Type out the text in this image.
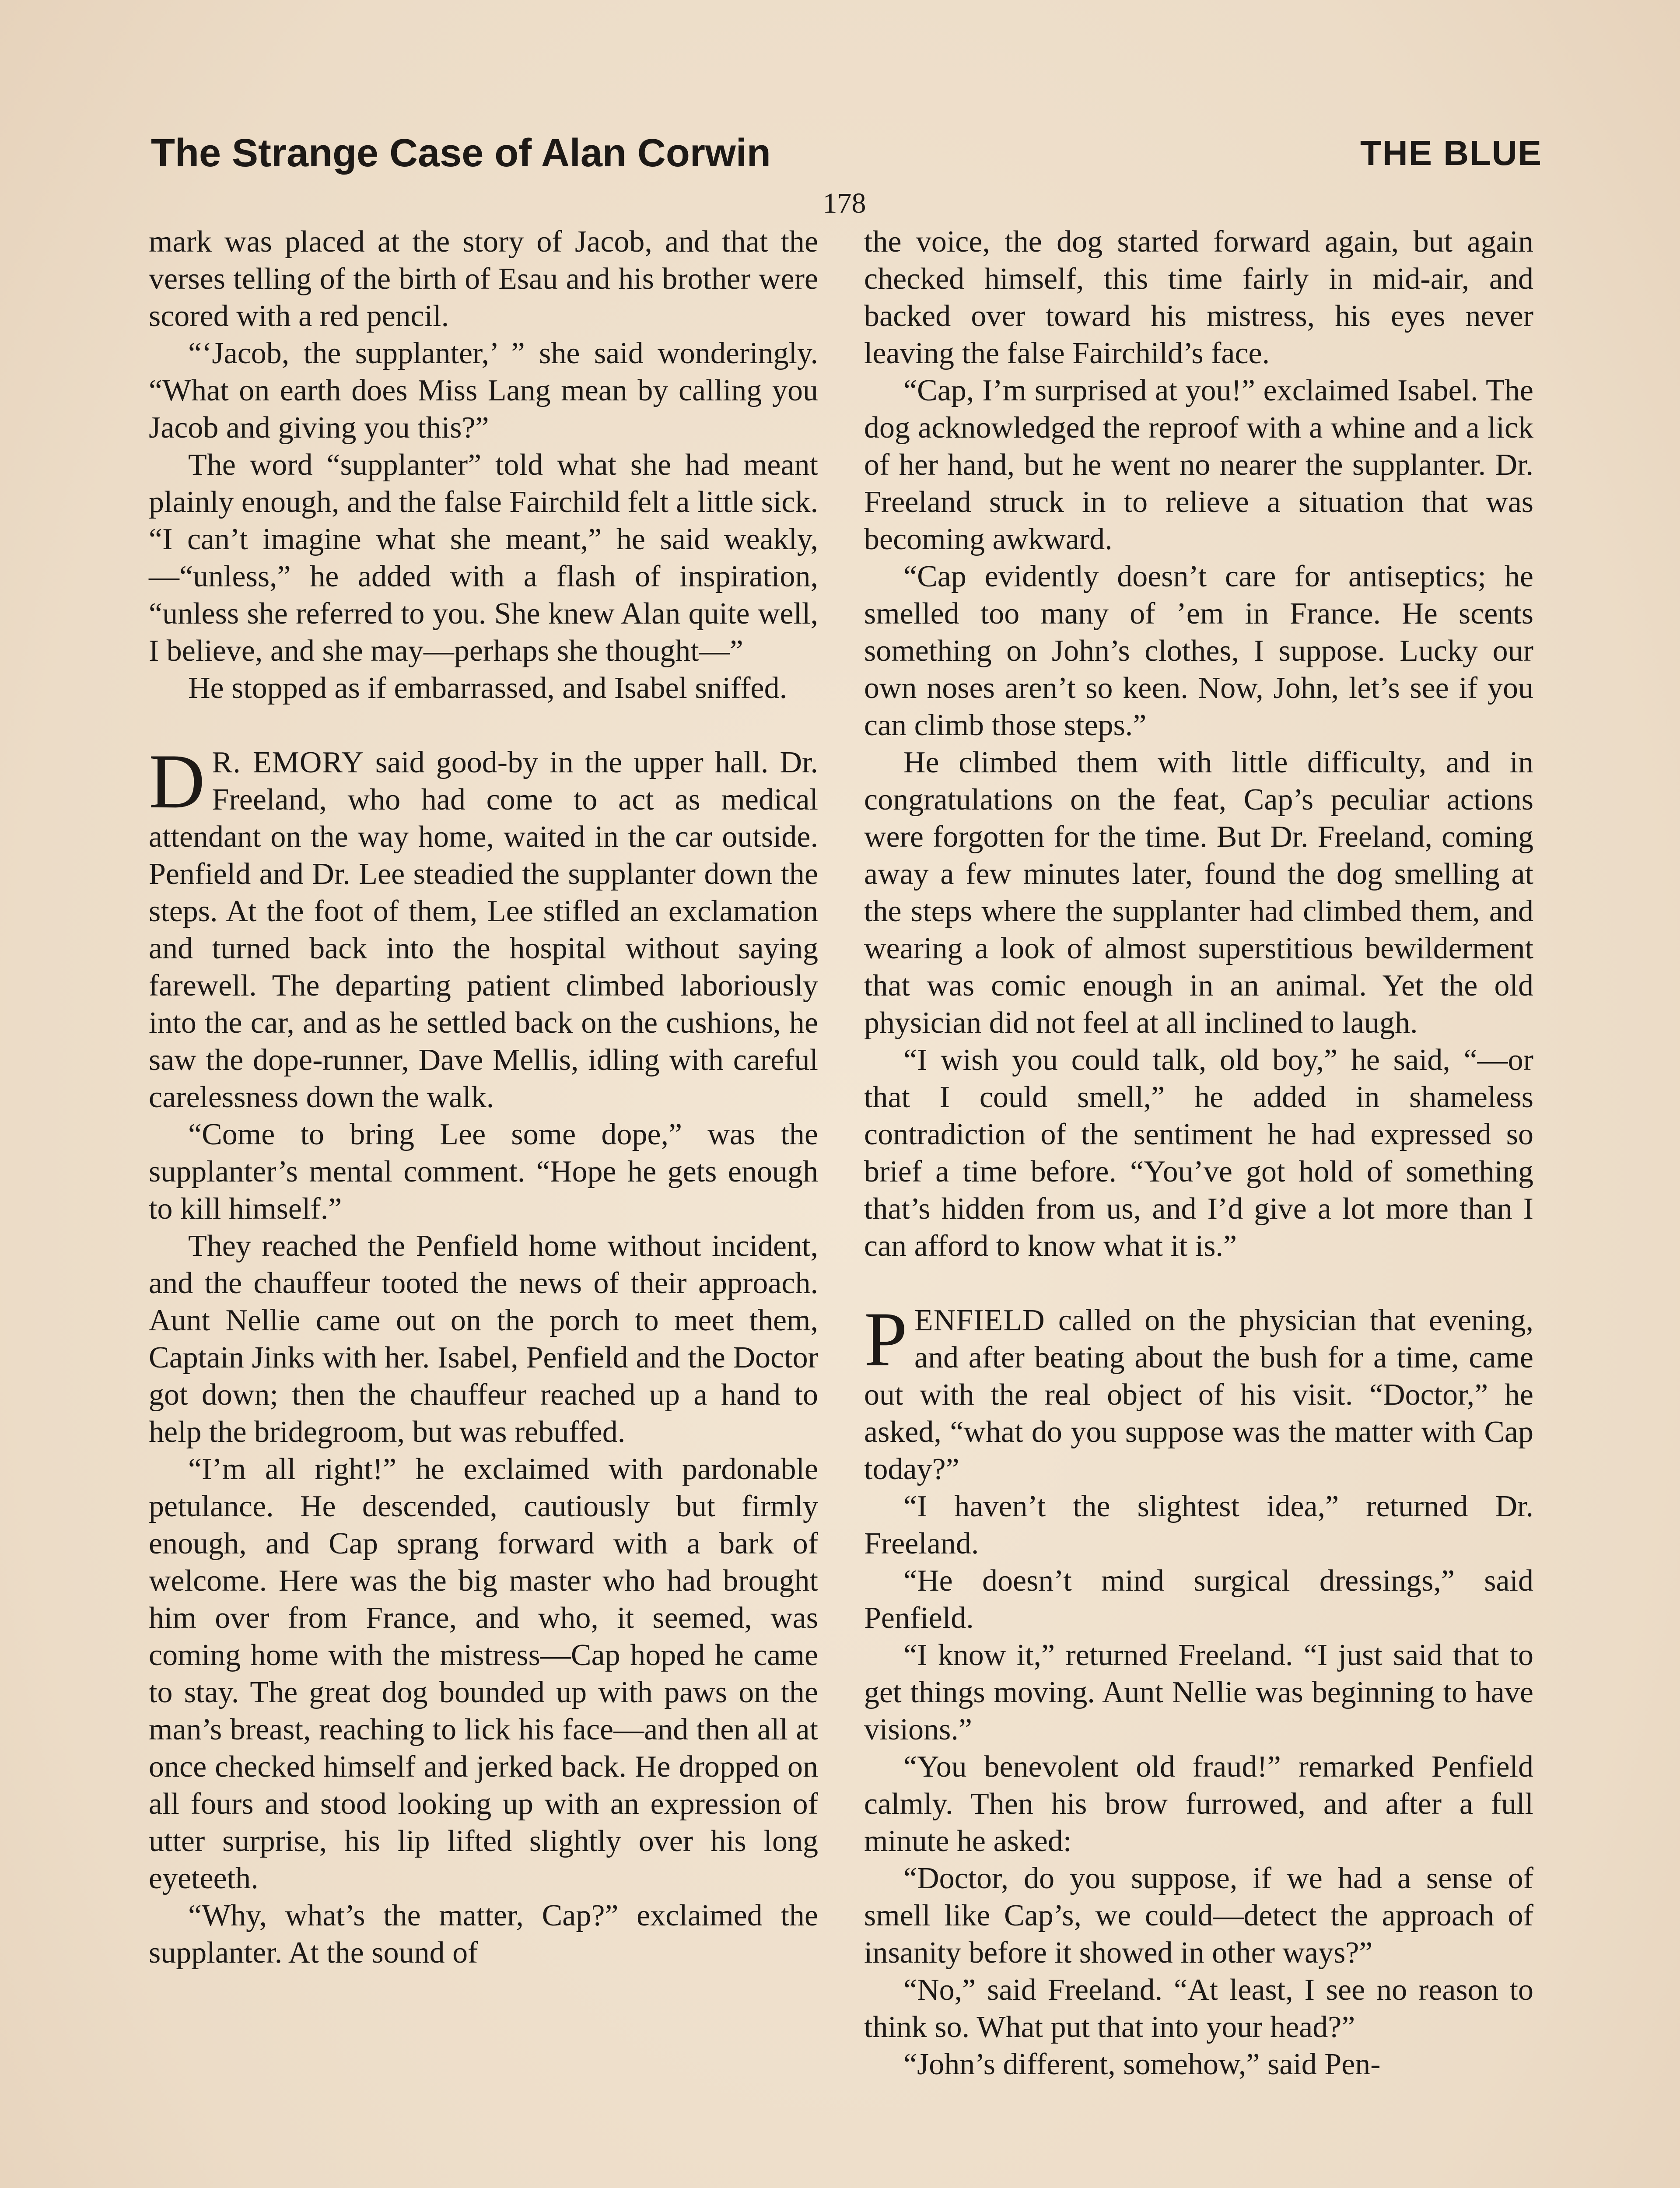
The Strange Case of Alan Corwin	THE BLUE
178

mark was placed at the story of Jacob, and that the verses telling of the birth of Esau and his brother were scored with a red pencil.

“‘Jacob, the supplanter,’ ” she said wonderingly. “What on earth does Miss Lang mean by calling you Jacob and giving you this?”

The word “supplanter” told what she had meant plainly enough, and the false Fairchild felt a little sick. “I can’t imagine what she meant,” he said weakly, —“unless,” he added with a flash of inspiration, “unless she referred to you. She knew Alan quite well, I believe, and she may—perhaps she thought—”

He stopped as if embarrassed, and Isabel sniffed.

D R. EMORY said good-by in the upper hall. Dr. Freeland, who had come to act as medical attendant on the way home, waited in the car outside. Penfield and Dr. Lee steadied the supplanter down the steps. At the foot of them, Lee stifled an exclamation and turned back into the hospital without saying farewell. The departing patient climbed laboriously into the car, and as he settled back on the cushions, he saw the dope-runner, Dave Mellis, idling with careful carelessness down the walk.

“Come to bring Lee some dope,” was the supplanter’s mental comment. “Hope he gets enough to kill himself.”

They reached the Penfield home without incident, and the chauffeur tooted the news of their approach. Aunt Nellie came out on the porch to meet them, Captain Jinks with her. Isabel, Penfield and the Doctor got down; then the chauffeur reached up a hand to help the bridegroom, but was rebuffed.

“I’m all right!” he exclaimed with pardonable petulance. He descended, cautiously but firmly enough, and Cap sprang forward with a bark of welcome. Here was the big master who had brought him over from France, and who, it seemed, was coming home with the mistress—Cap hoped he came to stay. The great dog bounded up with paws on the man’s breast, reaching to lick his face—and then all at once checked himself and jerked back. He dropped on all fours and stood looking up with an expression of utter surprise, his lip lifted slightly over his long eyeteeth.

“Why, what’s the matter, Cap?” exclaimed the supplanter. At the sound of

the voice, the dog started forward again, but again checked himself, this time fairly in mid-air, and backed over toward his mistress, his eyes never leaving the false Fairchild’s face.

“Cap, I’m surprised at you!” exclaimed Isabel. The dog acknowledged the reproof with a whine and a lick of her hand, but he went no nearer the supplanter. Dr. Freeland struck in to relieve a situation that was becoming awkward.

“Cap evidently doesn’t care for antiseptics; he smelled too many of ’em in France. He scents something on John’s clothes, I suppose. Lucky our own noses aren’t so keen. Now, John, let’s see if you can climb those steps.”

He climbed them with little difficulty, and in congratulations on the feat, Cap’s peculiar actions were forgotten for the time. But Dr. Freeland, coming away a few minutes later, found the dog smelling at the steps where the supplanter had climbed them, and wearing a look of almost superstitious bewilderment that was comic enough in an animal. Yet the old physician did not feel at all inclined to laugh.

“I wish you could talk, old boy,” he said, “—or that I could smell,” he added in shameless contradiction of the sentiment he had expressed so brief a time before. “You’ve got hold of something that’s hidden from us, and I’d give a lot more than I can afford to know what it is.”

PENFIELD called on the physician that evening, and after beating about the bush for a time, came out with the real object of his visit. “Doctor,” he asked, “what do you suppose was the matter with Cap today?”

“I haven’t the slightest idea,” returned Dr. Freeland.

“He doesn’t mind surgical dressings,” said Penfield.

“I know it,” returned Freeland. “I just said that to get things moving. Aunt Nellie was beginning to have visions.”

“You benevolent old fraud!” remarked Penfield calmly. Then his brow furrowed, and after a full minute he asked:

“Doctor, do you suppose, if we had a sense of smell like Cap’s, we could—detect the approach of insanity before it showed in other ways?”

“No,” said Freeland. “At least, I see no reason to think so. What put that into your head?”

“John’s different, somehow,” said Pen-
